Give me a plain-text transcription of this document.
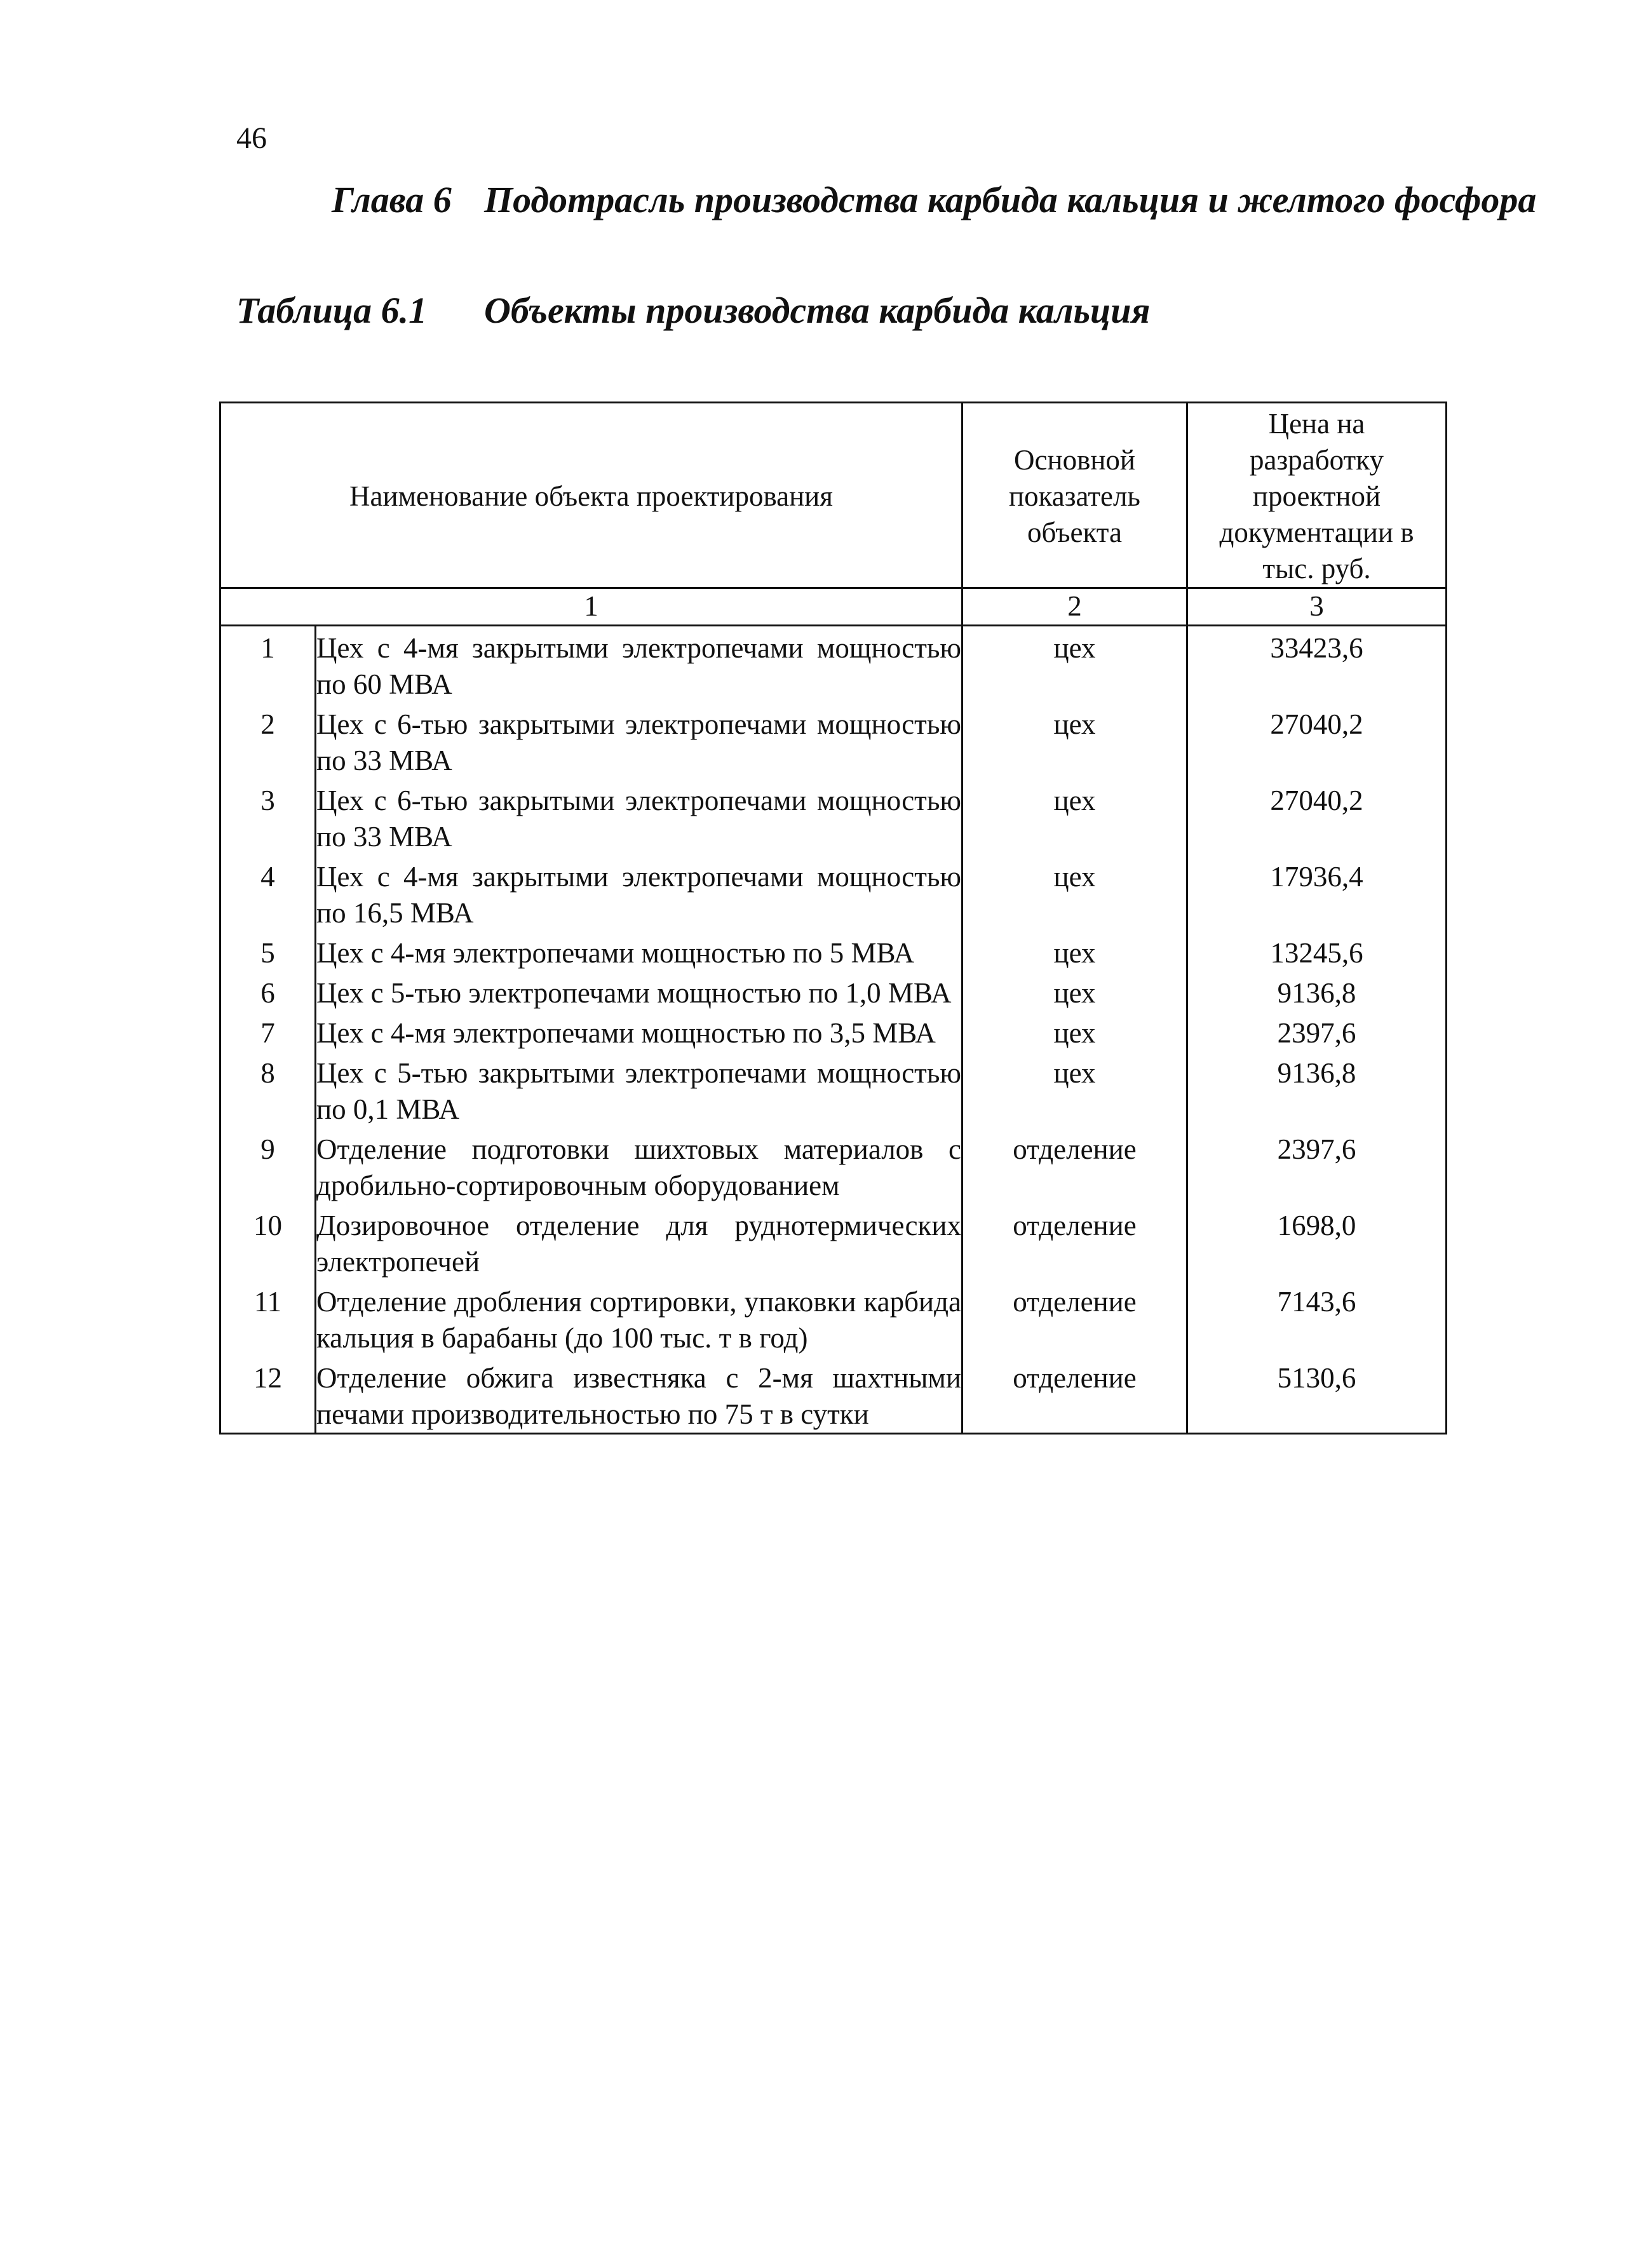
46
Глава 6 Подотрасль производства карбида кальция и желтого фосфора
Таблица 6.1 Объекты производства карбида кальция
Наименование объекта проектирования		Основной показатель объекта	Цена на разработку проектной документации в тыс. руб.
1		2	3
1	Цех с 4-мя закрытыми электропечами мощностью по 60 МВА	цех	33423,6
2	Цех с 6-тью закрытыми электропечами мощностью по 33 МВА	цех	27040,2
3	Цех с 6-тью закрытыми электропечами мощностью по 33 МВА	цех	27040,2
4	Цех с 4-мя закрытыми электропечами мощностью по 16,5 МВА	цех	17936,4
5	Цех с 4-мя электропечами мощностью по 5 МВА	цех	13245,6
6	Цех с 5-тью электропечами мощностью по 1,0 МВА	цех	9136,8
7	Цех с 4-мя электропечами мощностью по 3,5 МВА	цех	2397,6
8	Цех с 5-тью закрытыми электропечами мощностью по 0,1 МВА	цех	9136,8
9	Отделение подготовки шихтовых материалов с дробильно-сортировочным оборудованием	отделение	2397,6
10	Дозировочное отделение для руднотермических электропечей	отделение	1698,0
11	Отделение дробления сортировки, упаковки карбида кальция в барабаны (до 100 тыс. т в год)	отделение	7143,6
12	Отделение обжига известняка с 2-мя шахтными печами производительностью по 75 т в сутки	отделение	5130,6
